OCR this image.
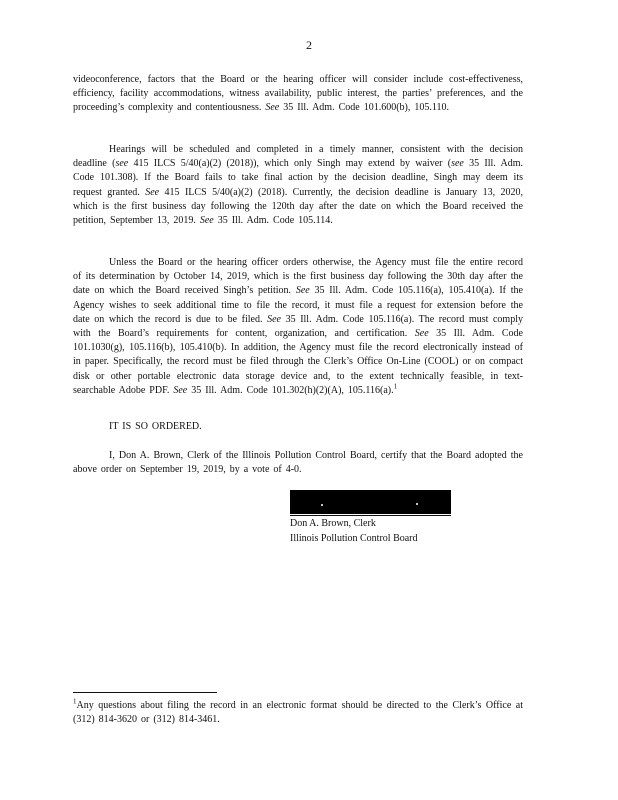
2

videoconference, factors that the Board or the hearing officer will consider include cost-effectiveness, efficiency, facility accommodations, witness availability, public interest, the parties’ preferences, and the proceeding’s complexity and contentiousness. See 35 Ill. Adm. Code 101.600(b), 105.110.

Hearings will be scheduled and completed in a timely manner, consistent with the decision deadline (see 415 ILCS 5/40(a)(2) (2018)), which only Singh may extend by waiver (see 35 Ill. Adm. Code 101.308). If the Board fails to take final action by the decision deadline, Singh may deem its request granted. See 415 ILCS 5/40(a)(2) (2018). Currently, the decision deadline is January 13, 2020, which is the first business day following the 120th day after the date on which the Board received the petition, September 13, 2019. See 35 Ill. Adm. Code 105.114.

Unless the Board or the hearing officer orders otherwise, the Agency must file the entire record of its determination by October 14, 2019, which is the first business day following the 30th day after the date on which the Board received Singh’s petition. See 35 Ill. Adm. Code 105.116(a), 105.410(a). If the Agency wishes to seek additional time to file the record, it must file a request for extension before the date on which the record is due to be filed. See 35 Ill. Adm. Code 105.116(a). The record must comply with the Board’s requirements for content, organization, and certification. See 35 Ill. Adm. Code 101.1030(g), 105.116(b), 105.410(b). In addition, the Agency must file the record electronically instead of in paper. Specifically, the record must be filed through the Clerk’s Office On-Line (COOL) or on compact disk or other portable electronic data storage device and, to the extent technically feasible, in text-searchable Adobe PDF. See 35 Ill. Adm. Code 101.302(h)(2)(A), 105.116(a).$^1$

IT IS SO ORDERED.

I, Don A. Brown, Clerk of the Illinois Pollution Control Board, certify that the Board adopted the above order on September 19, 2019, by a vote of 4-0.

Don A. Brown, Clerk
Illinois Pollution Control Board
$^1$Any questions about filing the record in an electronic format should be directed to the Clerk’s Office at (312) 814-3620 or (312) 814-3461.
